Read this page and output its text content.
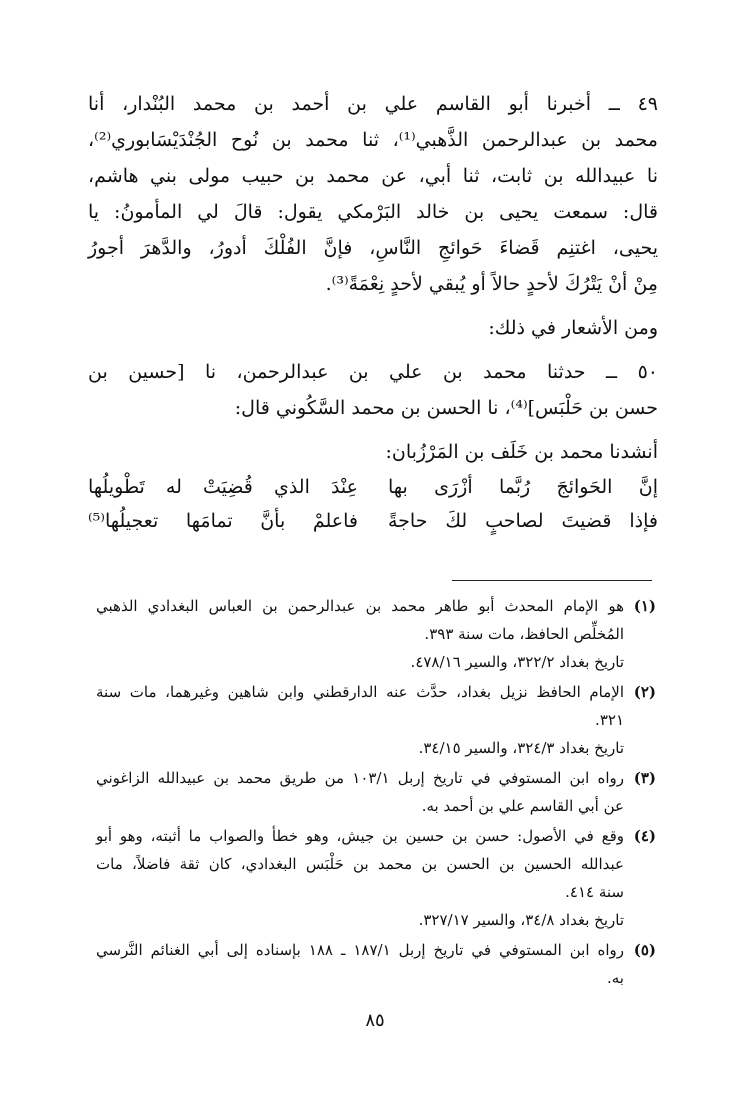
٤٩ ــ أخبرنا أبو القاسم علي بن أحمد بن محمد البُنْدار، أنا
محمد بن عبدالرحمن الذَّهبي⁽¹⁾، ثنا محمد بن نُوح الجُنْدَيْسَابوري⁽²⁾،
نا عبيدالله بن ثابت، ثنا أبي، عن محمد بن حبيب مولى بني هاشم،
قال: سمعت يحيى بن خالد البَرْمكي يقول: قالَ لي المأمونُ: يا
يحيى، اغتنِم قَضاءَ حَوائجِ النَّاسِ، فإنَّ الفُلْكَ أدورُ، والدَّهرَ أجورُ
مِنْ أنْ يَتْرُكَ لأحدٍ حالاً أو يُبقي لأحدٍ نِعْمَةً⁽³⁾.
ومن الأشعار في ذلك:
٥٠ ــ حدثنا محمد بن علي بن عبدالرحمن، نا [حسين بن
حسن بن حَلْبَس]⁽⁴⁾، نا الحسن بن محمد السَّكُوني قال:
أنشدنا محمد بن خَلَف بن المَرْزُبان:
إنَّ الحَوائجَ رُبَّما أزْرَى بها
عِنْدَ الذي قُضِيَتْ له تَطْويلُها
فإذا قضيتَ لصاحبٍ لكَ حاجةً
فاعلمْ بأنَّ تمامَها تعجيلُها⁽⁵⁾
(١)
هو الإمام المحدث أبو طاهر محمد بن عبدالرحمن بن العباس البغدادي الذهبي
المُخلِّص الحافظ، مات سنة ٣٩٣.
تاريخ بغداد ٣٢٢/٢، والسير ٤٧٨/١٦.
(٢)
الإمام الحافظ نزيل بغداد، حدَّث عنه الدارقطني وابن شاهين وغيرهما، مات سنة
٣٢١.
تاريخ بغداد ٣٢٤/٣، والسير ٣٤/١٥.
(٣)
رواه ابن المستوفي في تاريخ إربل ١٠٣/١ من طريق محمد بن عبيدالله الزاغوني
عن أبي القاسم علي بن أحمد به.
(٤)
وقع في الأصول: حسن بن حسين بن جيش، وهو خطأ والصواب ما أثبته، وهو أبو
عبدالله الحسين بن الحسن بن محمد بن حَلْبَس البغدادي، كان ثقة فاضلاً، مات
سنة ٤١٤.
تاريخ بغداد ٣٤/٨، والسير ٣٢٧/١٧.
(٥)
رواه ابن المستوفي في تاريخ إربل ١٨٧/١ ـ ١٨٨ بإسناده إلى أبي الغنائم النَّرسي
به.
٨٥
